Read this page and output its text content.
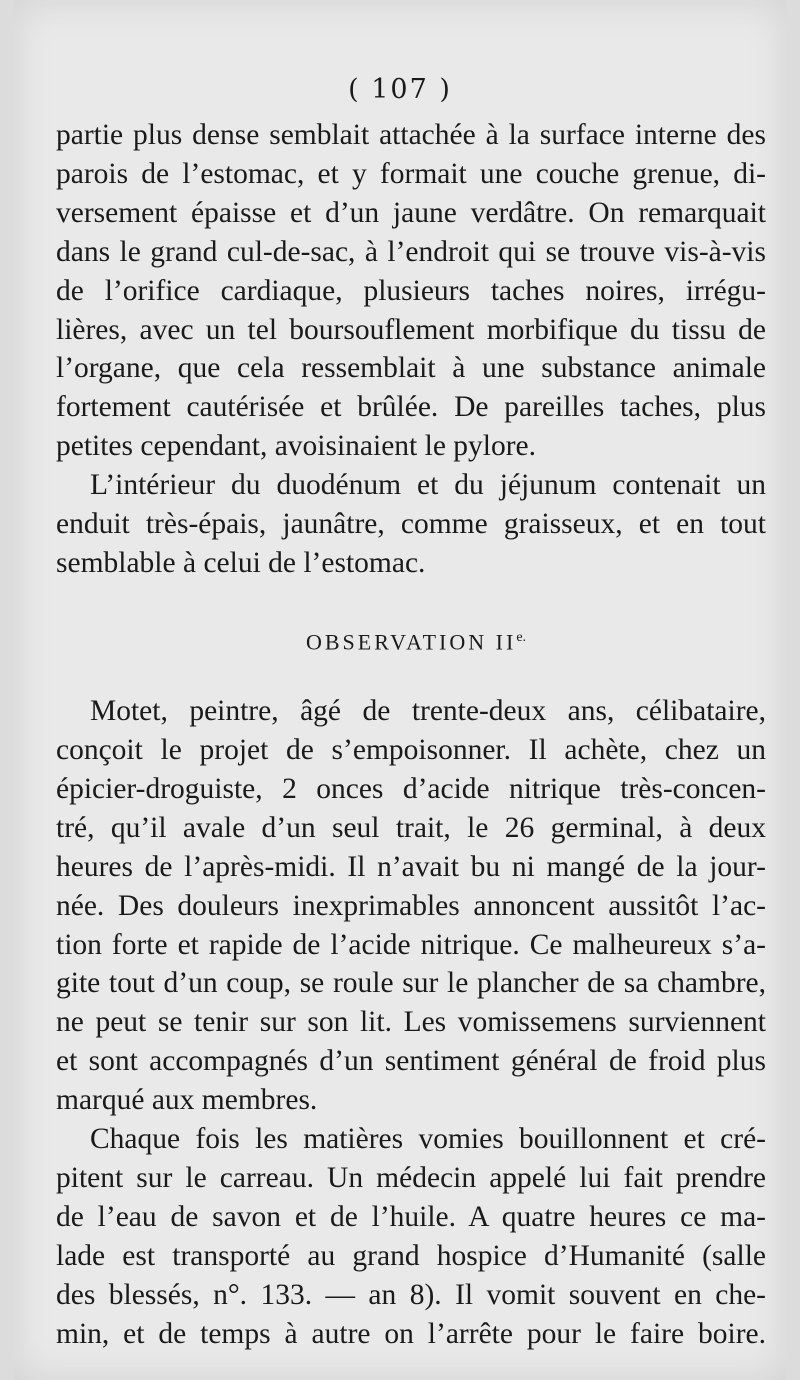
( 107 )
partie plus dense semblait attachée à la surface interne des
parois de l’estomac, et y formait une couche grenue, di-
versement épaisse et d’un jaune verdâtre. On remarquait
dans le grand cul-de-sac, à l’endroit qui se trouve vis-à-vis
de l’orifice cardiaque, plusieurs taches noires, irrégu-
lières, avec un tel boursouflement morbifique du tissu de
l’organe, que cela ressemblait à une substance animale
fortement cautérisée et brûlée. De pareilles taches, plus
petites cependant, avoisinaient le pylore.
L’intérieur du duodénum et du jéjunum contenait un
enduit très-épais, jaunâtre, comme graisseux, et en tout
semblable à celui de l’estomac.
OBSERVATION $II^{e.}$
Motet, peintre, âgé de trente-deux ans, célibataire,
conçoit le projet de s’empoisonner. Il achète, chez un
épicier-droguiste, 2 onces d’acide nitrique très-concen-
tré, qu’il avale d’un seul trait, le 26 germinal, à deux
heures de l’après-midi. Il n’avait bu ni mangé de la jour-
née. Des douleurs inexprimables annoncent aussitôt l’ac-
tion forte et rapide de l’acide nitrique. Ce malheureux s’a-
gite tout d’un coup, se roule sur le plancher de sa chambre,
ne peut se tenir sur son lit. Les vomissemens surviennent
et sont accompagnés d’un sentiment général de froid plus
marqué aux membres.
Chaque fois les matières vomies bouillonnent et cré-
pitent sur le carreau. Un médecin appelé lui fait prendre
de l’eau de savon et de l’huile. A quatre heures ce ma-
lade est transporté au grand hospice d’Humanité (salle
des blessés, n°. 133. — an 8). Il vomit souvent en che-
min, et de temps à autre on l’arrête pour le faire boire.
